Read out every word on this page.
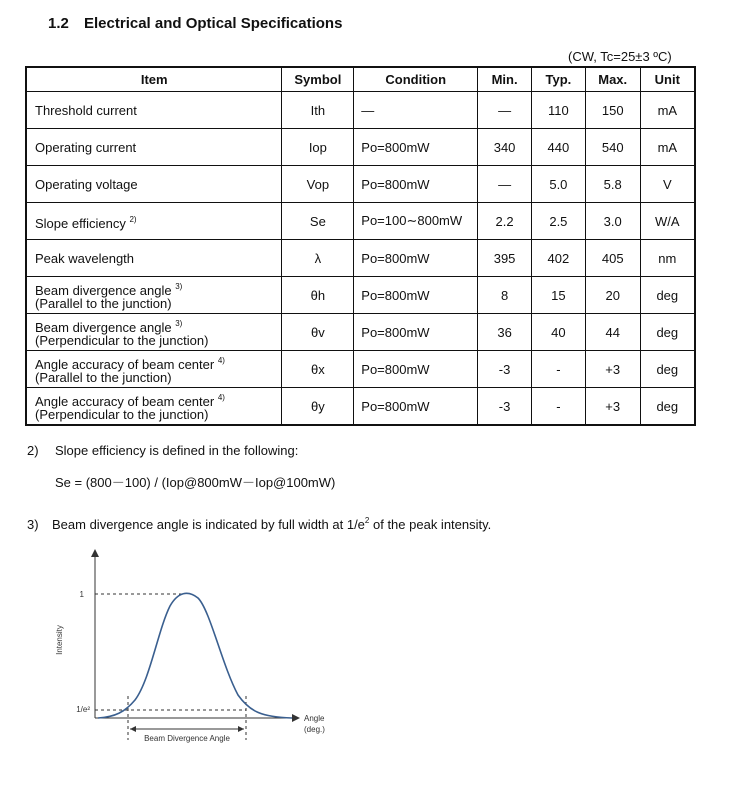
1.2 Electrical and Optical Specifications
(CW, Tc=25±3 ºC)
Item	Symbol	Condition	Min.	Typ.	Max.	Unit
Threshold current	Ith	―	―	110	150	mA
Operating current	Iop	Po=800mW	340	440	540	mA
Operating voltage	Vop	Po=800mW	―	5.0	5.8	V
Slope efficiency $^{2)}$	Se	Po=100∼800mW	2.2	2.5	3.0	W/A
Peak wavelength	λ	Po=800mW	395	402	405	nm
Beam divergence angle $^{3)}$
(Parallel to the junction)	θh	Po=800mW	8	15	20	deg
Beam divergence angle $^{3)}$
(Perpendicular to the junction)	θv	Po=800mW	36	40	44	deg
Angle accuracy of beam center $^{4)}$
(Parallel to the junction)	θx	Po=800mW	-3	-	+3	deg
Angle accuracy of beam center $^{4)}$
(Perpendicular to the junction)	θy	Po=800mW	-3	-	+3	deg
2) Slope efficiency is defined in the following:
Se = (800－100) / (Iop@800mW－Iop@100mW)
3) Beam divergence angle is indicated by full width at $1/e^2$ of the peak intensity.
Intensity
1
1/e²
Angle
(deg.)
Beam Divergence Angle
